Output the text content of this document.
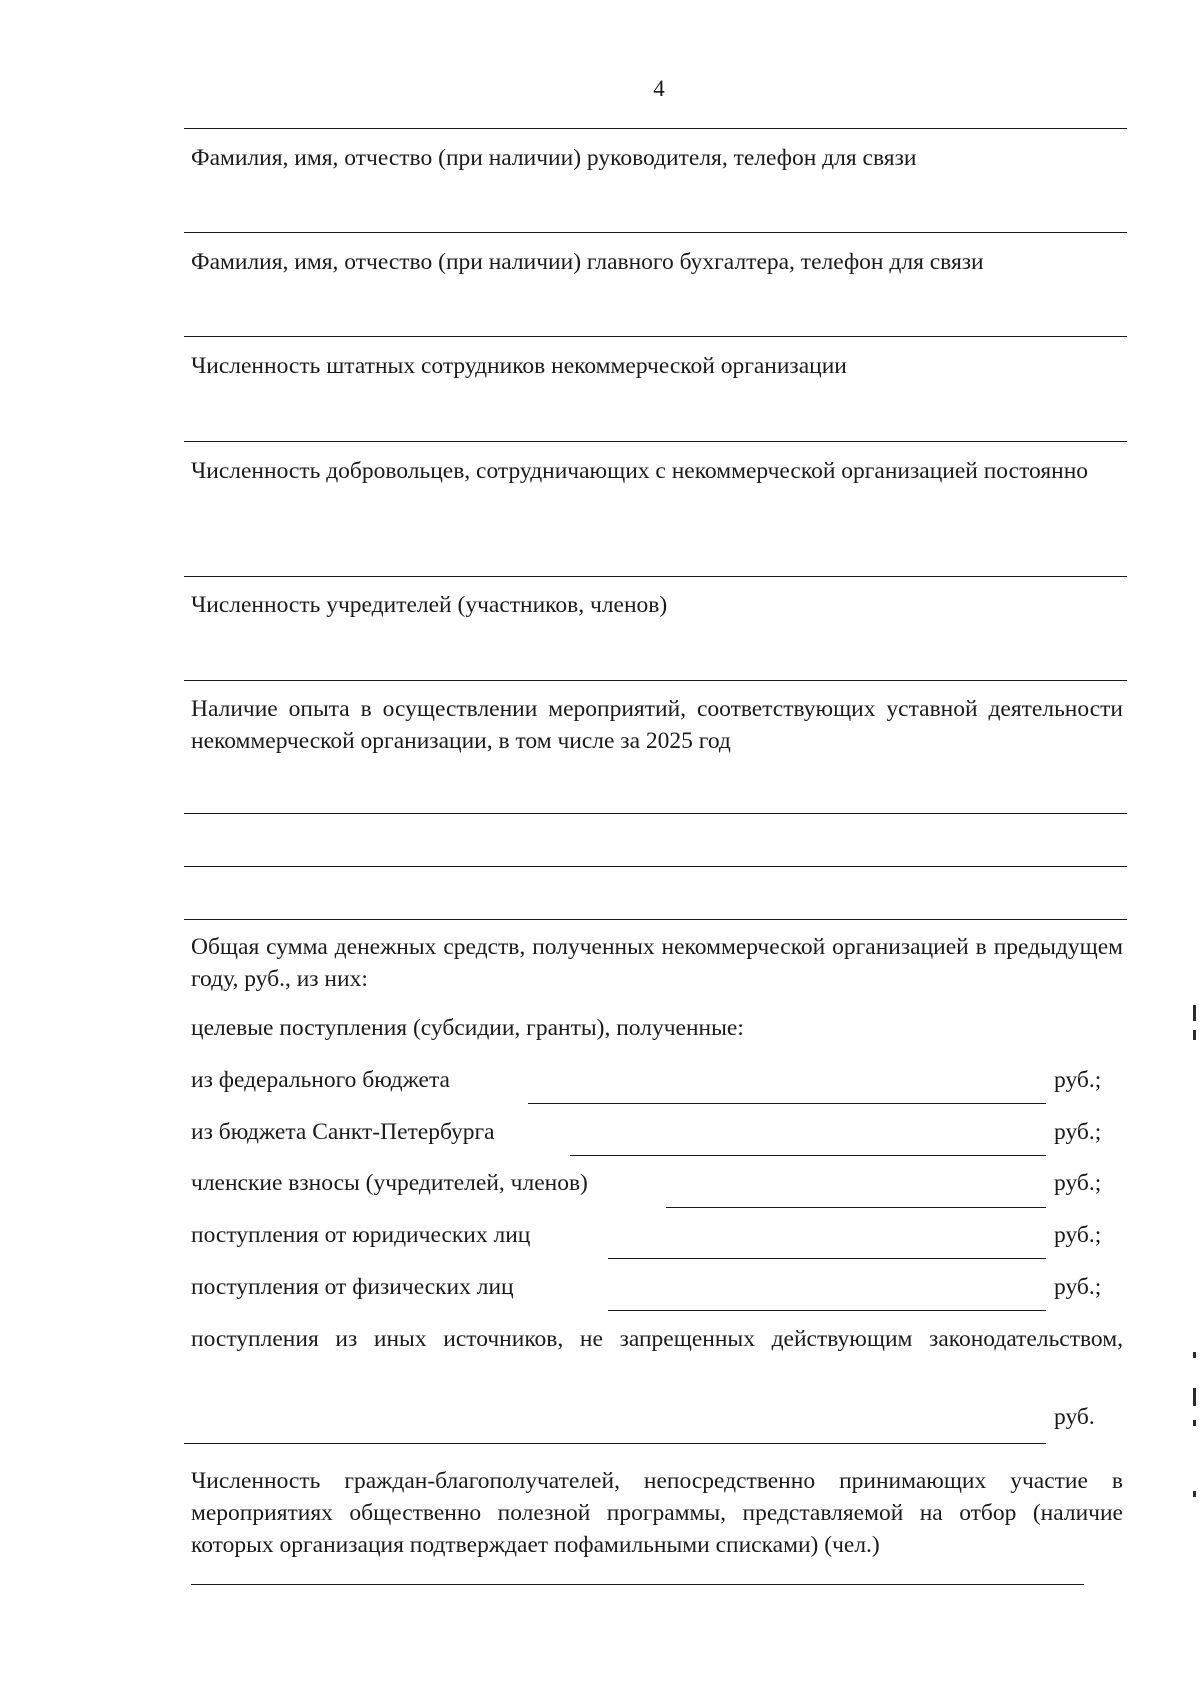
4
Фамилия, имя, отчество (при наличии) руководителя, телефон для связи
Фамилия, имя, отчество (при наличии) главного бухгалтера, телефон для связи
Численность штатных сотрудников некоммерческой организации
Численность добровольцев, сотрудничающих с некоммерческой организацией постоянно
Численность учредителей (участников, членов)
Наличие опыта в осуществлении мероприятий, соответствующих уставной деятельности некоммерческой организации, в том числе за 2025 год
Общая сумма денежных средств, полученных некоммерческой организацией в предыдущем году, руб., из них:
целевые поступления (субсидии, гранты), полученные:
из федерального бюджета	руб.;
из бюджета Санкт-Петербурга	руб.;
членские взносы (учредителей, членов)	руб.;
поступления от юридических лиц	руб.;
поступления от физических лиц	руб.;
поступления из иных источников, не запрещенных действующим законодательством,
руб.
Численность граждан-благополучателей, непосредственно принимающих участие в мероприятиях общественно полезной программы, представляемой на отбор (наличие которых организация подтверждает пофамильными списками) (чел.)
